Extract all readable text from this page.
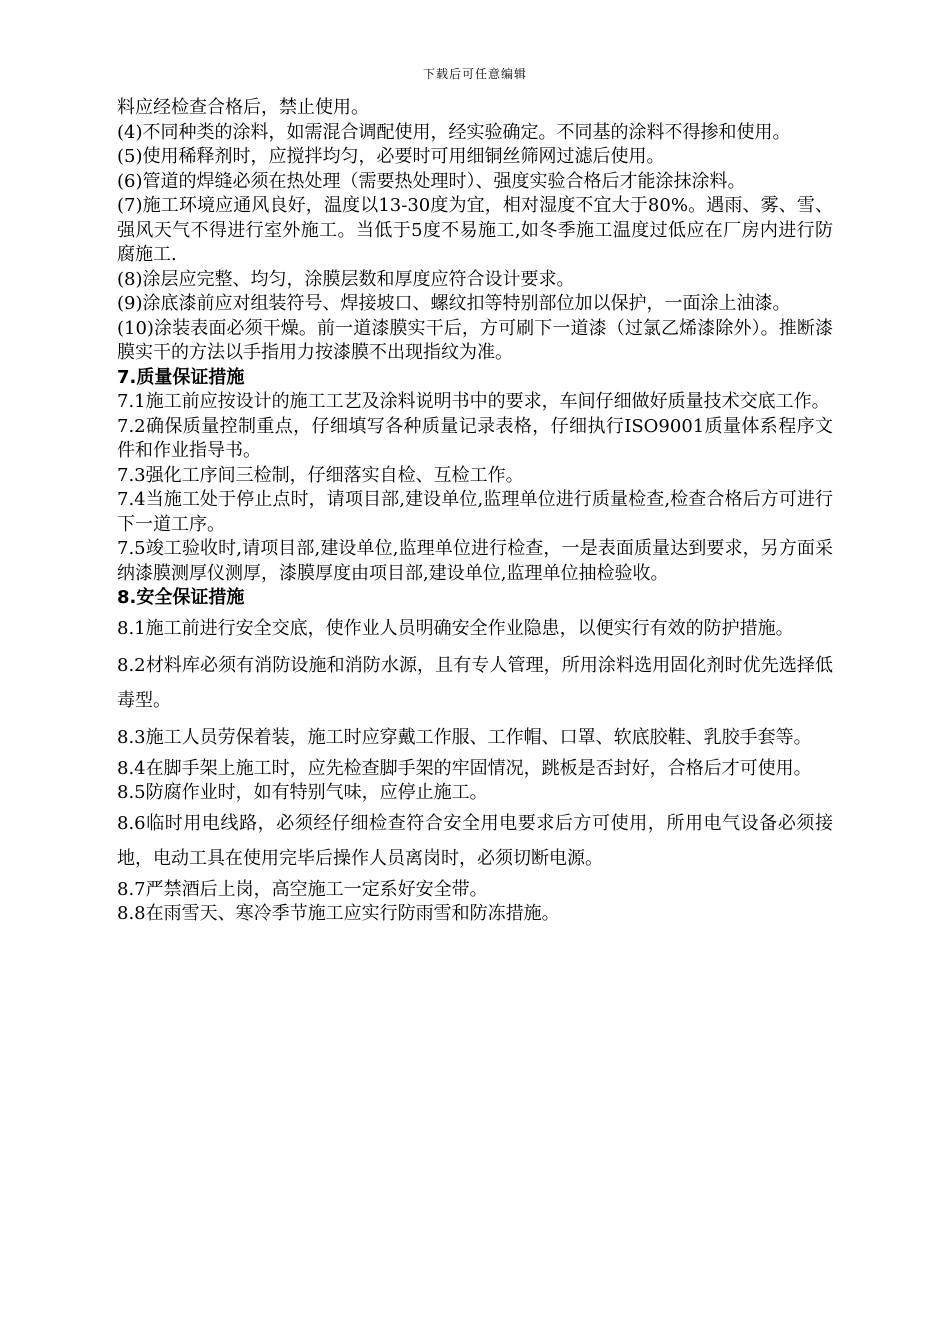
下载后可任意编辑

料应经检查合格后，禁止使用。

(4)不同种类的涂料，如需混合调配使用，经实验确定。不同基的涂料不得掺和使用。

(5)使用稀释剂时，应搅拌均匀，必要时可用细铜丝筛网过滤后使用。

(6)管道的焊缝必须在热处理（需要热处理时）、强度实验合格后才能涂抹涂料。

(7)施工环境应通风良好，温度以13-30度为宜，相对湿度不宜大于80%。遇雨、雾、雪、强风天气不得进行室外施工。当低于5度不易施工,如冬季施工温度过低应在厂房内进行防腐施工.

(8)涂层应完整、均匀，涂膜层数和厚度应符合设计要求。

(9)涂底漆前应对组装符号、焊接坡口、螺纹扣等特别部位加以保护，一面涂上油漆。

(10)涂装表面必须干燥。前一道漆膜实干后，方可刷下一道漆（过氯乙烯漆除外）。推断漆膜实干的方法以手指用力按漆膜不出现指纹为准。

7.质量保证措施

7.1施工前应按设计的施工工艺及涂料说明书中的要求，车间仔细做好质量技术交底工作。

7.2确保质量控制重点，仔细填写各种质量记录表格，仔细执行ISO9001质量体系程序文件和作业指导书。

7.3强化工序间三检制，仔细落实自检、互检工作。

7.4当施工处于停止点时，请项目部,建设单位,监理单位进行质量检查,检查合格后方可进行下一道工序。

7.5竣工验收时,请项目部,建设单位,监理单位进行检查，一是表面质量达到要求，另方面采纳漆膜测厚仪测厚，漆膜厚度由项目部,建设单位,监理单位抽检验收。

8.安全保证措施

8.1施工前进行安全交底，使作业人员明确安全作业隐患，以便实行有效的防护措施。

8.2材料库必须有消防设施和消防水源，且有专人管理，所用涂料选用固化剂时优先选择低毒型。

8.3施工人员劳保着装，施工时应穿戴工作服、工作帽、口罩、软底胶鞋、乳胶手套等。

8.4在脚手架上施工时，应先检查脚手架的牢固情况，跳板是否封好，合格后才可使用。

8.5防腐作业时，如有特别气味，应停止施工。

8.6临时用电线路，必须经仔细检查符合安全用电要求后方可使用，所用电气设备必须接地，电动工具在使用完毕后操作人员离岗时，必须切断电源。

8.7严禁酒后上岗，高空施工一定系好安全带。

8.8在雨雪天、寒冷季节施工应实行防雨雪和防冻措施。
